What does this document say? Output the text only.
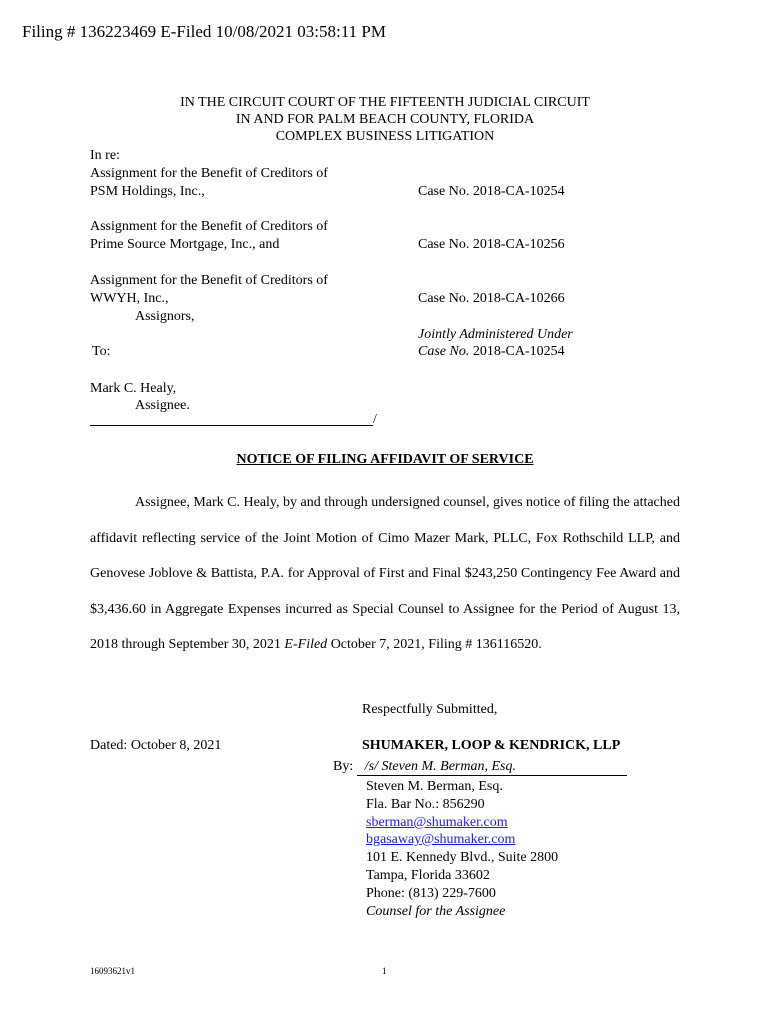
Filing # 136223469 E-Filed 10/08/2021 03:58:11 PM
IN THE CIRCUIT COURT OF THE FIFTEENTH JUDICIAL CIRCUIT
IN AND FOR PALM BEACH COUNTY, FLORIDA
COMPLEX BUSINESS LITIGATION
In re:
Assignment for the Benefit of Creditors of
PSM Holdings, Inc.,	Case No. 2018-CA-10254
Assignment for the Benefit of Creditors of
Prime Source Mortgage, Inc., and	Case No. 2018-CA-10256
Assignment for the Benefit of Creditors of
WWYH, Inc.,	Case No. 2018-CA-10266
Assignors,
Jointly Administered Under
Case No. 2018-CA-10254
To:
Mark C. Healy,
Assignee.
/
NOTICE OF FILING AFFIDAVIT OF SERVICE

Assignee, Mark C. Healy, by and through undersigned counsel, gives notice of filing the attached affidavit reflecting service of the Joint Motion of Cimo Mazer Mark, PLLC, Fox Rothschild LLP, and Genovese Joblove & Battista, P.A. for Approval of First and Final $243,250 Contingency Fee Award and $3,436.60 in Aggregate Expenses incurred as Special Counsel to Assignee for the Period of August 13, 2018 through September 30, 2021 E-Filed October 7, 2021, Filing # 136116520.

Respectfully Submitted,
Dated: October 8, 2021	SHUMAKER, LOOP & KENDRICK, LLP
By: /s/ Steven M. Berman, Esq.
Steven M. Berman, Esq.
Fla. Bar No.: 856290
sberman@shumaker.com
bgasaway@shumaker.com
101 E. Kennedy Blvd., Suite 2800
Tampa, Florida 33602
Phone: (813) 229-7600
Counsel for the Assignee
16093621v1	1
